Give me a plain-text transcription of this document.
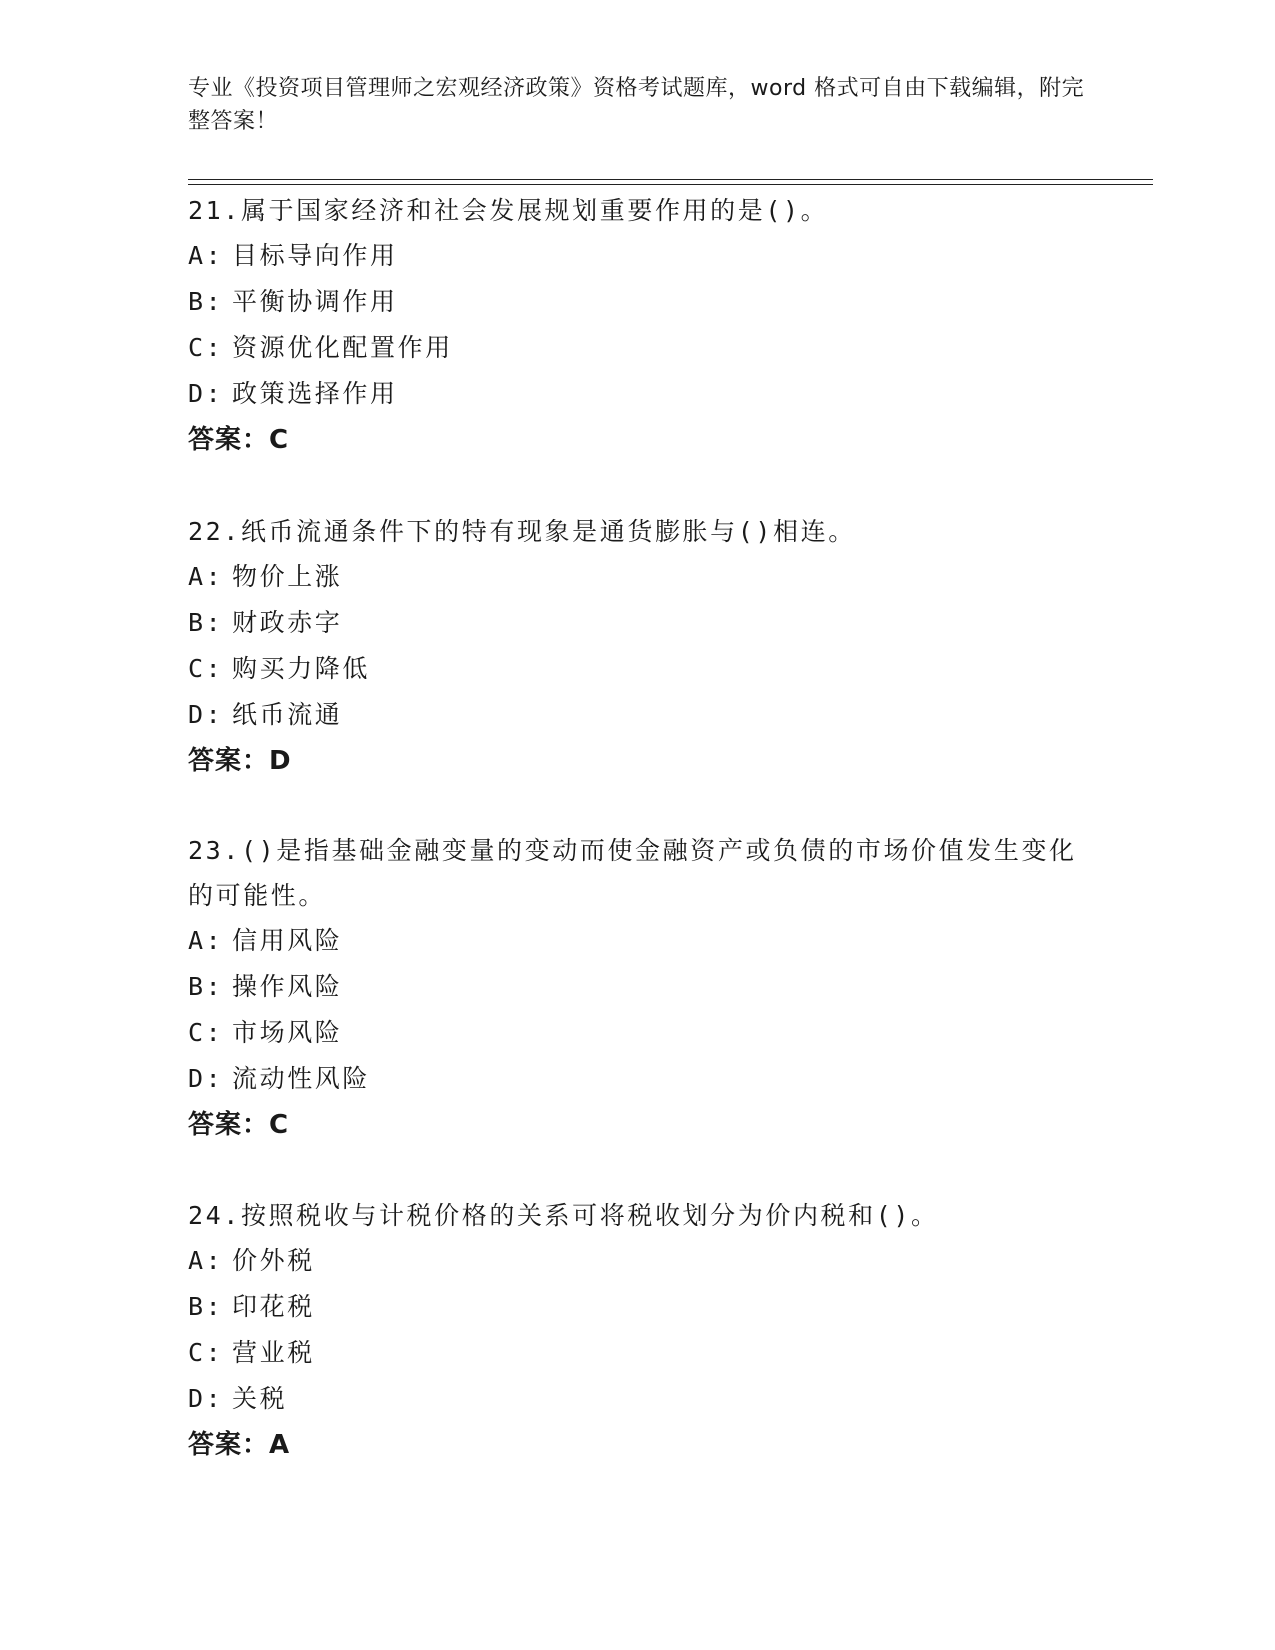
专业《投资项目管理师之宏观经济政策》资格考试题库，word 格式可自由下载编辑，附完整答案！
21.属于国家经济和社会发展规划重要作用的是()。
A: 目标导向作用
B: 平衡协调作用
C: 资源优化配置作用
D: 政策选择作用
答案：C
22.纸币流通条件下的特有现象是通货膨胀与()相连。
A: 物价上涨
B: 财政赤字
C: 购买力降低
D: 纸币流通
答案：D
23.()是指基础金融变量的变动而使金融资产或负债的市场价值发生变化的可能性。
A: 信用风险
B: 操作风险
C: 市场风险
D: 流动性风险
答案：C
24.按照税收与计税价格的关系可将税收划分为价内税和()。
A: 价外税
B: 印花税
C: 营业税
D: 关税
答案：A
